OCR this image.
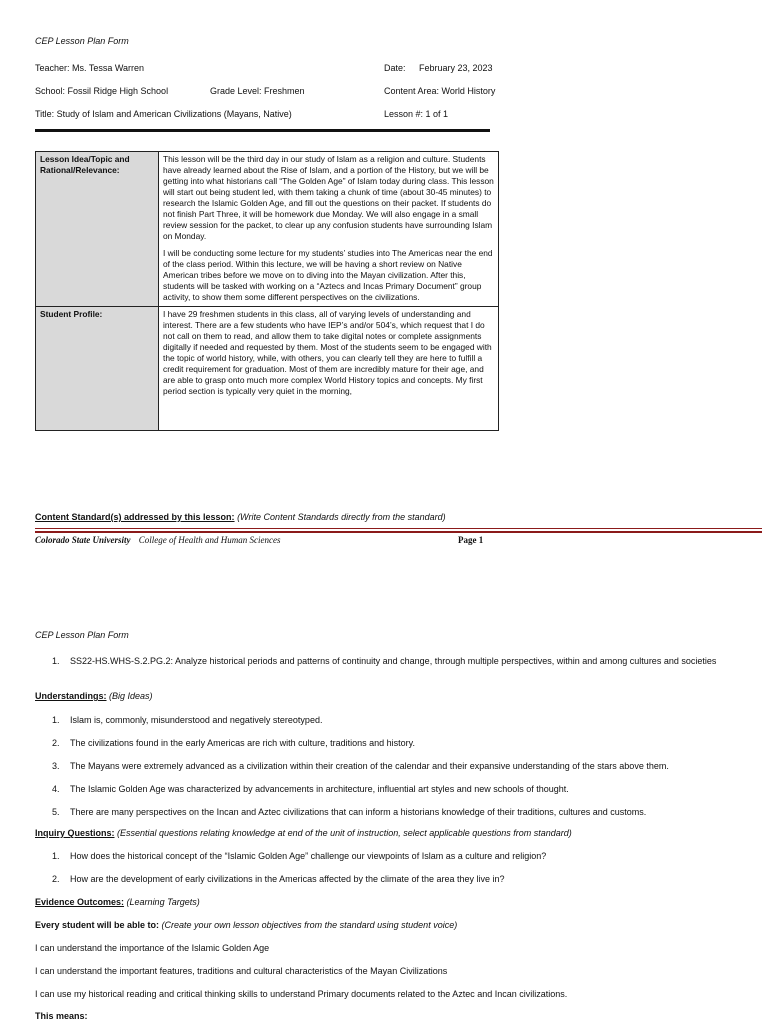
CEP Lesson Plan Form
Teacher: Ms. Tessa Warren	Date: February 23, 2023
School: Fossil Ridge High School	Grade Level: Freshmen	Content Area: World History
Title: Study of Islam and American Civilizations (Mayans, Native)	Lesson #: 1 of 1
Lesson Idea/Topic and Rational/Relevance:	This lesson will be the third day in our study of Islam as a religion and culture. Students have already learned about the Rise of Islam, and a portion of the History, but we will be getting into what historians call “The Golden Age” of Islam today during class. This lesson will start out being student led, with them taking a chunk of time (about 30-45 minutes) to research the Islamic Golden Age, and fill out the questions on their packet. If students do not finish Part Three, it will be homework due Monday. We will also engage in a small review session for the packet, to clear up any confusion students have surrounding Islam on Monday.

I will be conducting some lecture for my students’ studies into The Americas near the end of the class period. Within this lecture, we will be having a short review on Native American tribes before we move on to diving into the Mayan civilization. After this, students will be tasked with working on a “Aztecs and Incas Primary Document” group activity, to show them some different perspectives on the civilizations.

Student Profile:	I have 29 freshmen students in this class, all of varying levels of understanding and interest. There are a few students who have IEP’s and/or 504’s, which request that I do not call on them to read, and allow them to take digital notes or complete assignments digitally if needed and requested by them. Most of the students seem to be engaged with the topic of world history, while, with others, you can clearly tell they are here to fulfill a credit requirement for graduation. Most of them are incredibly mature for their age, and are able to grasp onto much more complex World History topics and concepts. My first period section is typically very quiet in the morning,

Content Standard(s) addressed by this lesson: (Write Content Standards directly from the standard)
Colorado State University College of Health and Human Sciences	Page 1
CEP Lesson Plan Form
1. SS22-HS.WHS-S.2.PG.2: Analyze historical periods and patterns of continuity and change, through multiple perspectives, within and among cultures and societies
Understandings: (Big Ideas)
1. Islam is, commonly, misunderstood and negatively stereotyped.
2. The civilizations found in the early Americas are rich with culture, traditions and history.
3. The Mayans were extremely advanced as a civilization within their creation of the calendar and their expansive understanding of the stars above them.
4. The Islamic Golden Age was characterized by advancements in architecture, influential art styles and new schools of thought.
5. There are many perspectives on the Incan and Aztec civilizations that can inform a historians knowledge of their traditions, cultures and customs.
Inquiry Questions: (Essential questions relating knowledge at end of the unit of instruction, select applicable questions from standard)
1. How does the historical concept of the “Islamic Golden Age” challenge our viewpoints of Islam as a culture and religion?
2. How are the development of early civilizations in the Americas affected by the climate of the area they live in?
Evidence Outcomes: (Learning Targets)
Every student will be able to: (Create your own lesson objectives from the standard using student voice)
I can understand the importance of the Islamic Golden Age
I can understand the important features, traditions and cultural characteristics of the Mayan Civilizations
I can use my historical reading and critical thinking skills to understand Primary documents related to the Aztec and Incan civilizations.
This means:
